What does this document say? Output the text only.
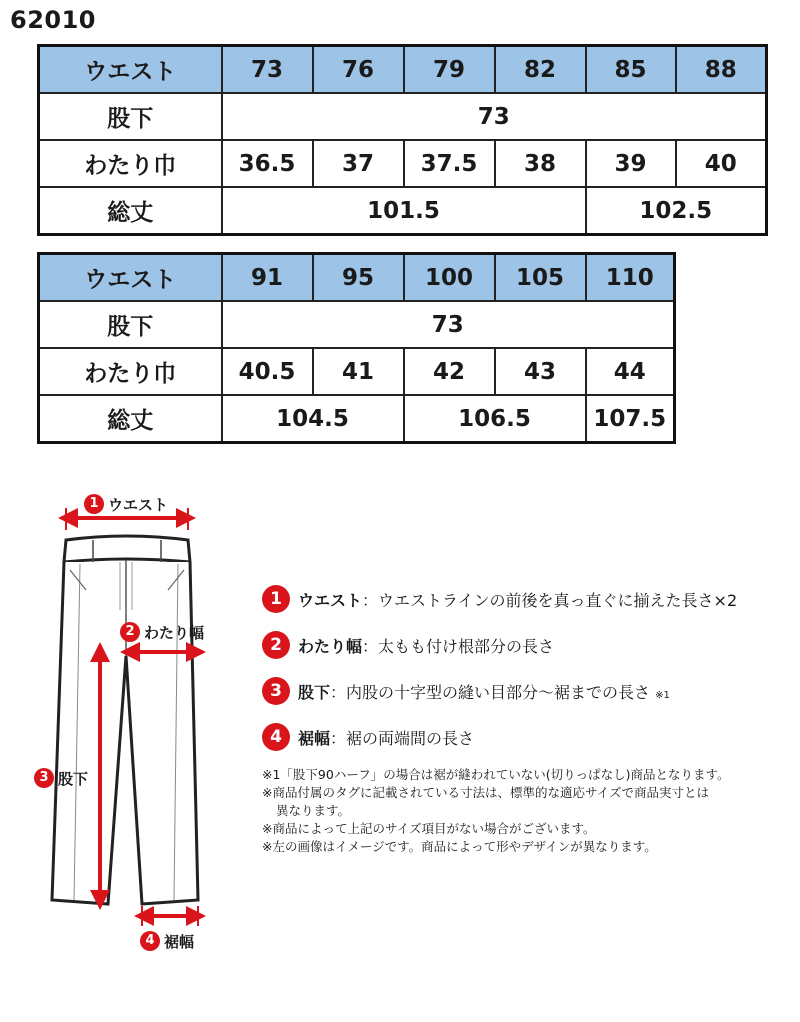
62010
ウエスト	73	76	79	82	85	88
股下	73					
わたり巾	36.5	37	37.5	38	39	40
総丈	101.5				102.5	
ウエスト	91	95	100	105	110
股下	73				
わたり巾	40.5	41	42	43	44
総丈	104.5		106.5		107.5
1 ウエスト
2 わたり幅
3 股下
4 裾幅
1	ウエスト：ウエストラインの前後を真っ直ぐに揃えた長さ×2
2	わたり幅：太もも付け根部分の長さ
3	股下：内股の十字型の縫い目部分～裾までの長さ ※1
4	裾幅：裾の両端間の長さ
※1「股下90ハーフ」の場合は裾が縫われていない(切りっぱなし)商品となります。
※商品付属のタグに記載されている寸法は、標準的な適応サイズで商品実寸とは
異なります。
※商品によって上記のサイズ項目がない場合がございます。
※左の画像はイメージです。商品によって形やデザインが異なります。
